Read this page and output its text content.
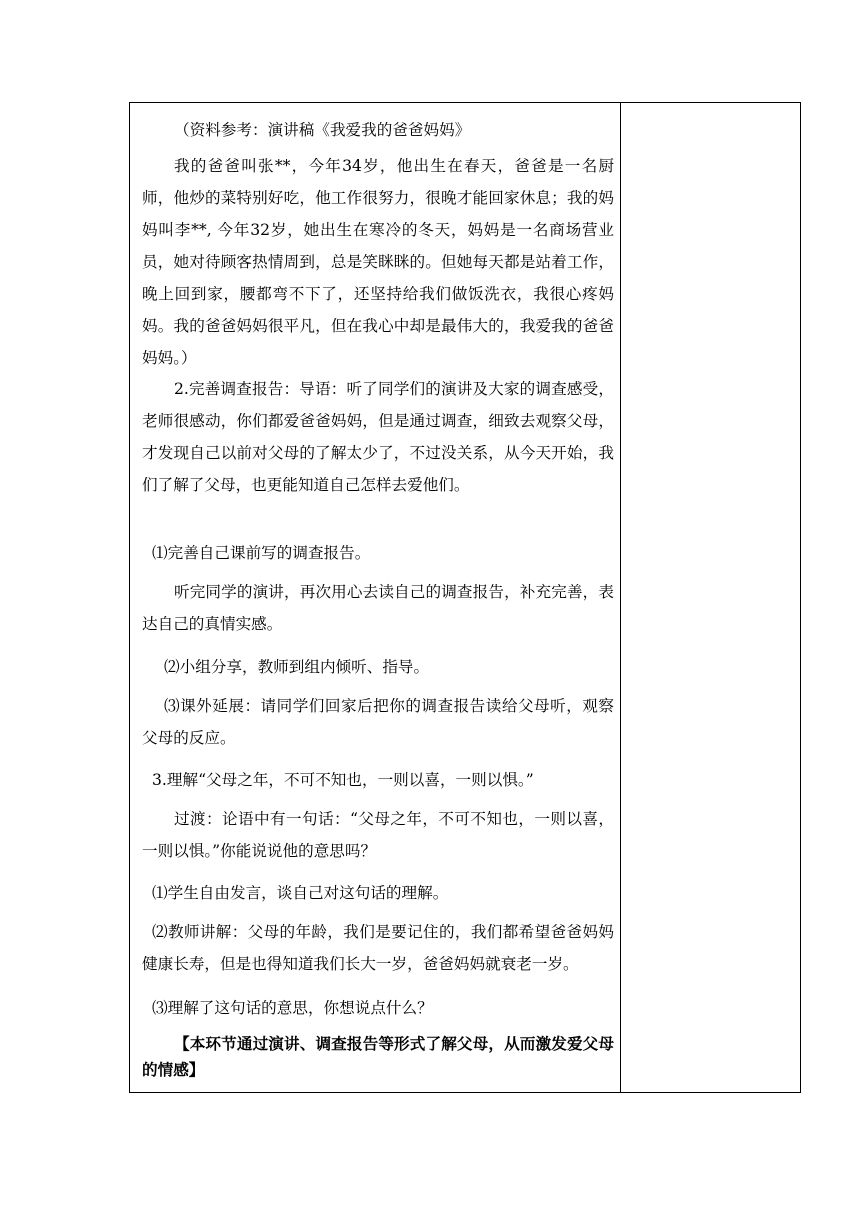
（资料参考：演讲稿《我爱我的爸爸妈妈》

我的爸爸叫张**，今年34岁，他出生在春天，爸爸是一名厨师，他炒的菜特别好吃，他工作很努力，很晚才能回家休息；我的妈妈叫李**, 今年32岁，她出生在寒冷的冬天，妈妈是一名商场营业员，她对待顾客热情周到，总是笑眯眯的。但她每天都是站着工作，晚上回到家，腰都弯不下了，还坚持给我们做饭洗衣，我很心疼妈妈。我的爸爸妈妈很平凡，但在我心中却是最伟大的，我爱我的爸爸妈妈。）

2.完善调查报告：导语：听了同学们的演讲及大家的调查感受，老师很感动，你们都爱爸爸妈妈，但是通过调查，细致去观察父母，才发现自己以前对父母的了解太少了，不过没关系，从今天开始，我们了解了父母，也更能知道自己怎样去爱他们。

⑴完善自己课前写的调查报告。

听完同学的演讲，再次用心去读自己的调查报告，补充完善，表达自己的真情实感。

⑵小组分享，教师到组内倾听、指导。

⑶课外延展：请同学们回家后把你的调查报告读给父母听，观察父母的反应。

3.理解“父母之年，不可不知也，一则以喜，一则以惧。”

过渡：论语中有一句话：“父母之年，不可不知也，一则以喜，一则以惧。”你能说说他的意思吗？

⑴学生自由发言，谈自己对这句话的理解。

⑵教师讲解：父母的年龄，我们是要记住的，我们都希望爸爸妈妈健康长寿，但是也得知道我们长大一岁，爸爸妈妈就衰老一岁。

⑶理解了这句话的意思，你想说点什么？

【本环节通过演讲、调查报告等形式了解父母，从而激发爱父母的情感】
